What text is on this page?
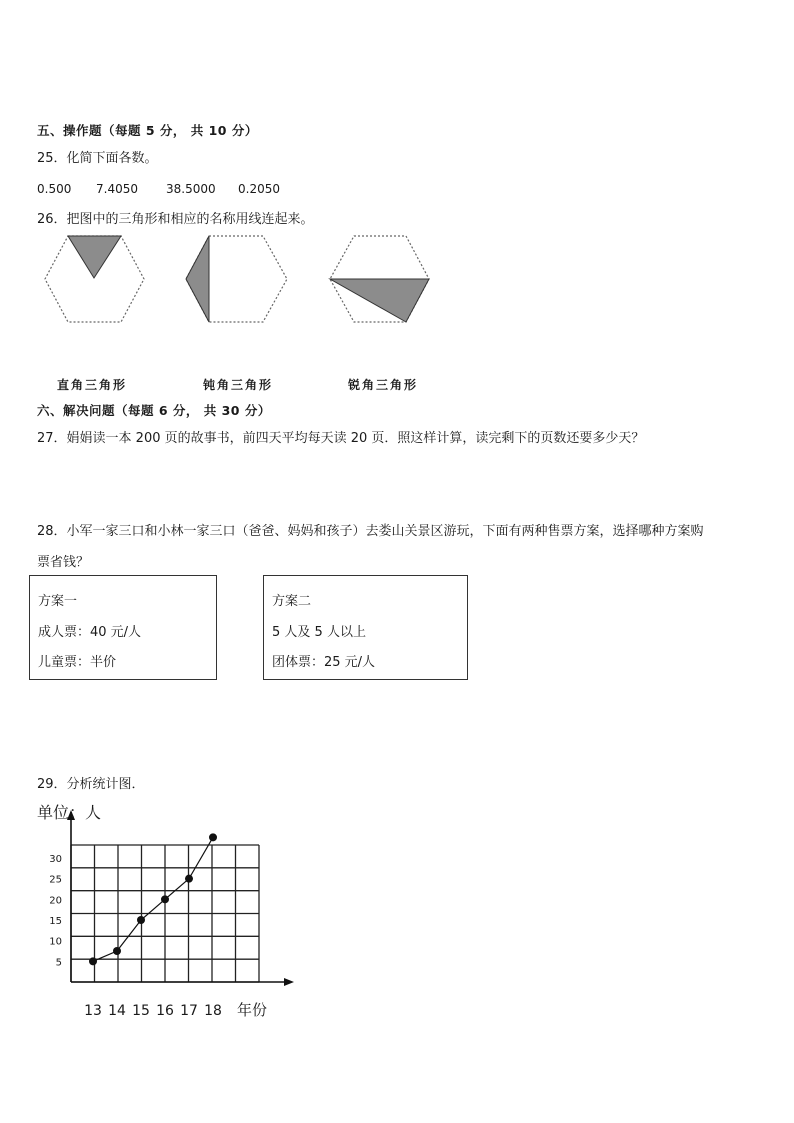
五、操作题（每题 5 分， 共 10 分）
25．化简下面各数。
0.500 7.4050 38.5000 0.2050
26．把图中的三角形和相应的名称用线连起来。
直角三角形	钝角三角形	锐角三角形
六、解决问题（每题 6 分， 共 30 分）
27．娟娟读一本 200 页的故事书，前四天平均每天读 20 页．照这样计算，读完剩下的页数还要多少天？
28．小军一家三口和小林一家三口（爸爸、妈妈和孩子）去娄山关景区游玩，下面有两种售票方案，选择哪种方案购
票省钱？
方案一
成人票：40 元/人
儿童票：半价
方案二
5 人及 5 人以上
团体票：25 元/人
29．分析统计图．
5
10
15
20
25
30
13 14 15 16 17 18
单位：人
年份
